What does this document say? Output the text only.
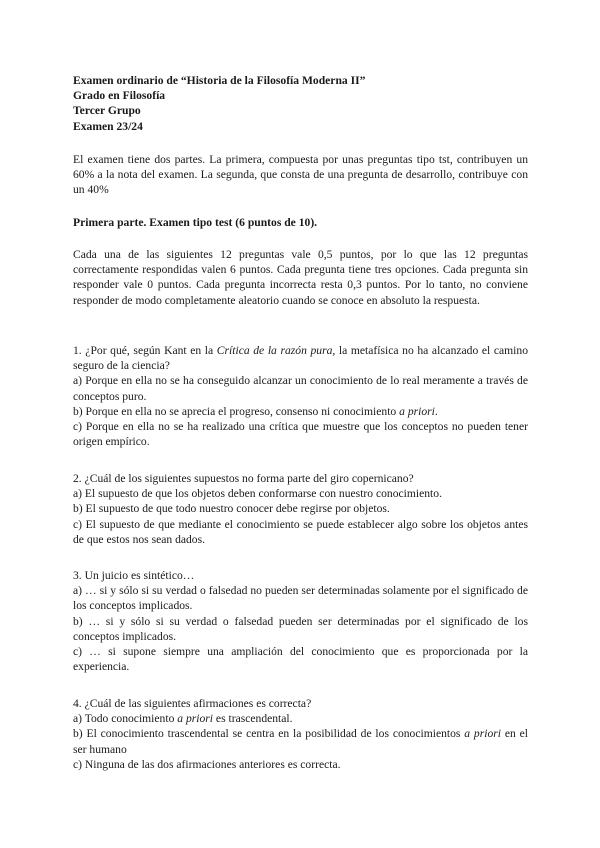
Examen ordinario de “Historia de la Filosofía Moderna II”

Grado en Filosofía

Tercer Grupo

Examen 23/24

El examen tiene dos partes. La primera, compuesta por unas preguntas tipo tst, contribuyen un 60% a la nota del examen. La segunda, que consta de una pregunta de desarrollo, contribuye con un 40%

Primera parte. Examen tipo test (6 puntos de 10).

Cada una de las siguientes 12 preguntas vale 0,5 puntos, por lo que las 12 preguntas correctamente respondidas valen 6 puntos. Cada pregunta tiene tres opciones. Cada pregunta sin responder vale 0 puntos. Cada pregunta incorrecta resta 0,3 puntos. Por lo tanto, no conviene responder de modo completamente aleatorio cuando se conoce en absoluto la respuesta.

1. ¿Por qué, según Kant en la Crítica de la razón pura, la metafísica no ha alcanzado el camino seguro de la ciencia?

a) Porque en ella no se ha conseguido alcanzar un conocimiento de lo real meramente a través de conceptos puro.

b) Porque en ella no se aprecia el progreso, consenso ni conocimiento a priori.

c) Porque en ella no se ha realizado una crítica que muestre que los conceptos no pueden tener origen empírico.

2. ¿Cuál de los siguientes supuestos no forma parte del giro copernicano?

a) El supuesto de que los objetos deben conformarse con nuestro conocimiento.

b) El supuesto de que todo nuestro conocer debe regirse por objetos.

c) El supuesto de que mediante el conocimiento se puede establecer algo sobre los objetos antes de que estos nos sean dados.

3. Un juicio es sintético…

a) … si y sólo si su verdad o falsedad no pueden ser determinadas solamente por el significado de los conceptos implicados.

b) … si y sólo si su verdad o falsedad pueden ser determinadas por el significado de los conceptos implicados.

c) … si supone siempre una ampliación del conocimiento que es proporcionada por la experiencia.

4. ¿Cuál de las siguientes afirmaciones es correcta?

a) Todo conocimiento a priori es trascendental.

b) El conocimiento trascendental se centra en la posibilidad de los conocimientos a priori en el ser humano

c) Ninguna de las dos afirmaciones anteriores es correcta.
